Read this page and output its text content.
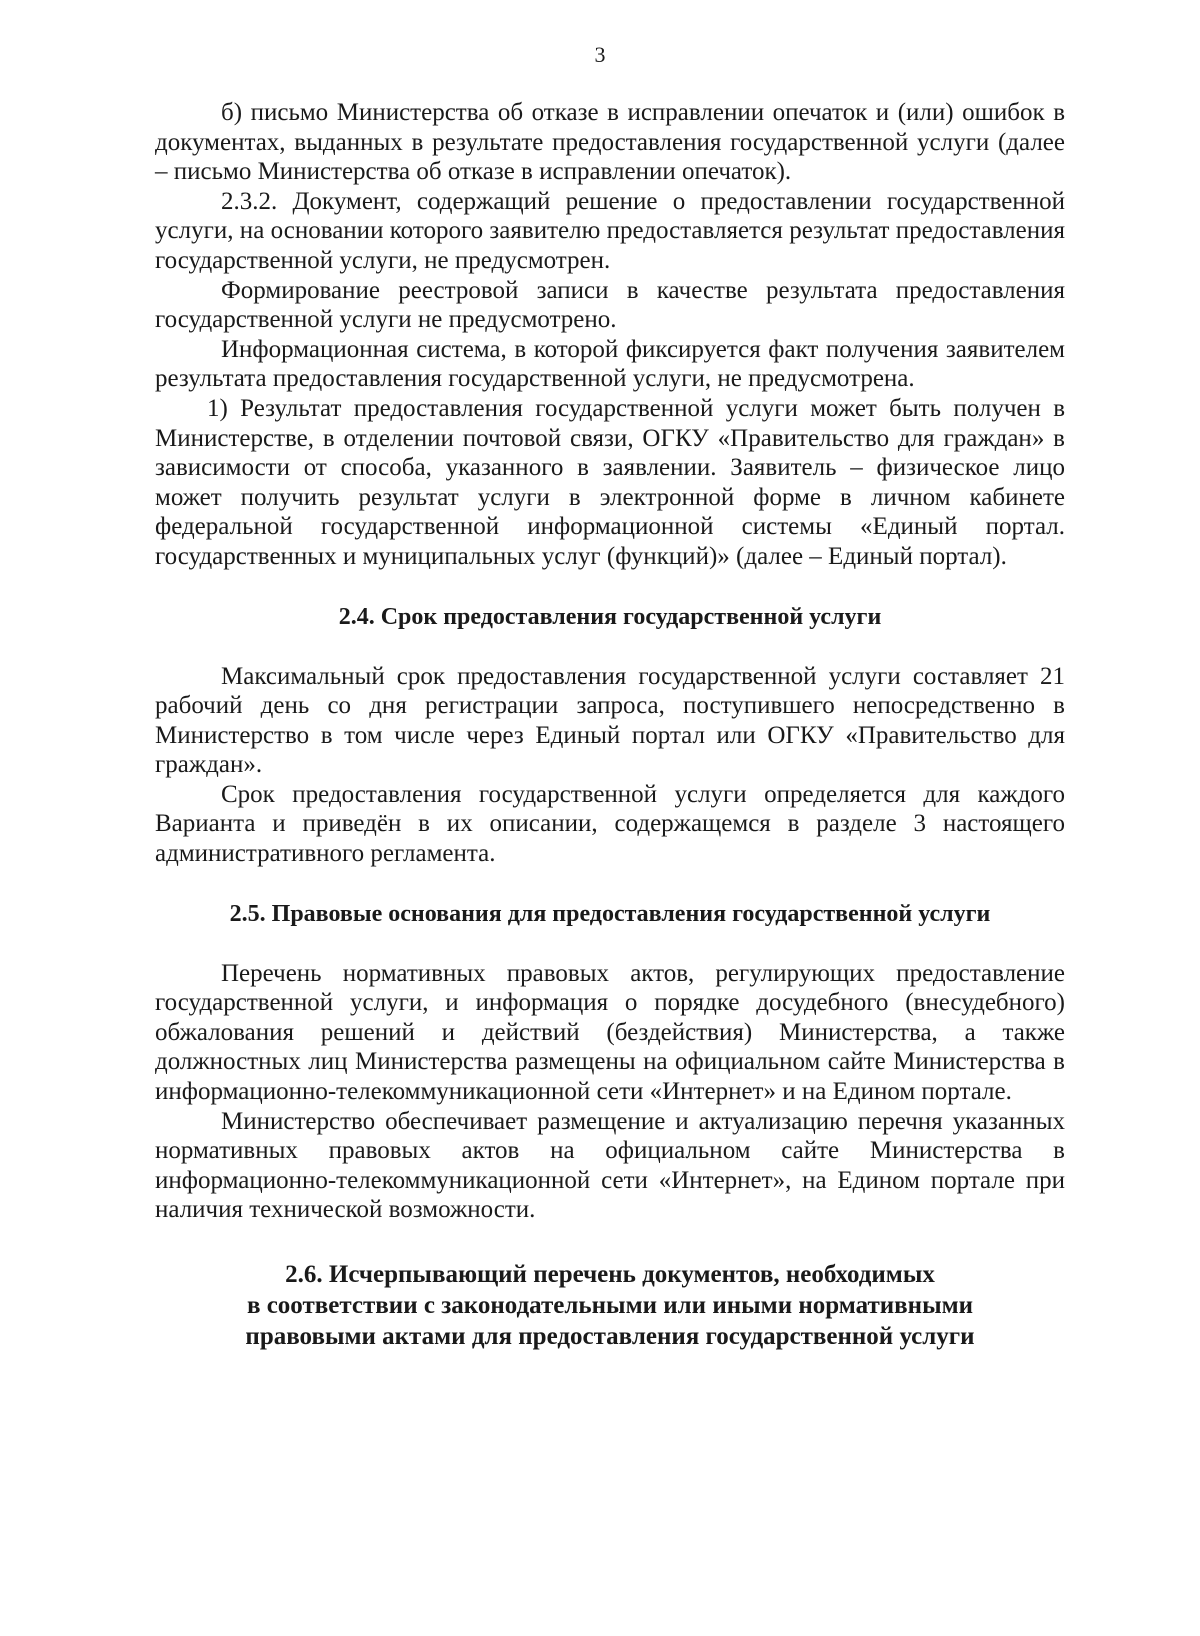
3

б) письмо Министерства об отказе в исправлении опечаток и (или) ошибок в документах, выданных в результате предоставления государственной услуги (далее – письмо Министерства об отказе в исправлении опечаток).

2.3.2. Документ, содержащий решение о предоставлении государственной услуги, на основании которого заявителю предоставляется результат предоставления государственной услуги, не предусмотрен.

Формирование реестровой записи в качестве результата предоставления государственной услуги не предусмотрено.

Информационная система, в которой фиксируется факт получения заявителем результата предоставления государственной услуги, не предусмотрена.

1) Результат предоставления государственной услуги может быть получен в Министерстве, в отделении почтовой связи, ОГКУ «Правительство для граждан» в зависимости от способа, указанного в заявлении. Заявитель – физическое лицо может получить результат услуги в электронной форме в личном кабинете федеральной государственной информационной системы «Единый портал. государственных и муниципальных услуг (функций)» (далее – Единый портал).

2.4. Срок предоставления государственной услуги

Максимальный срок предоставления государственной услуги составляет 21 рабочий день со дня регистрации запроса, поступившего непосредственно в Министерство в том числе через Единый портал или ОГКУ «Правительство для граждан».

Срок предоставления государственной услуги определяется для каждого Варианта и приведён в их описании, содержащемся в разделе 3 настоящего административного регламента.

2.5. Правовые основания для предоставления государственной услуги

Перечень нормативных правовых актов, регулирующих предоставление государственной услуги, и информация о порядке досудебного (внесудебного) обжалования решений и действий (бездействия) Министерства, а также должностных лиц Министерства размещены на официальном сайте Министерства в информационно-телекоммуникационной сети «Интернет» и на Едином портале.

Министерство обеспечивает размещение и актуализацию перечня указанных нормативных правовых актов на официальном сайте Министерства в информационно-телекоммуникационной сети «Интернет», на Едином портале при наличия технической возможности.

2.6. Исчерпывающий перечень документов, необходимых
в соответствии с законодательными или иными нормативными
правовыми актами для предоставления государственной услуги
